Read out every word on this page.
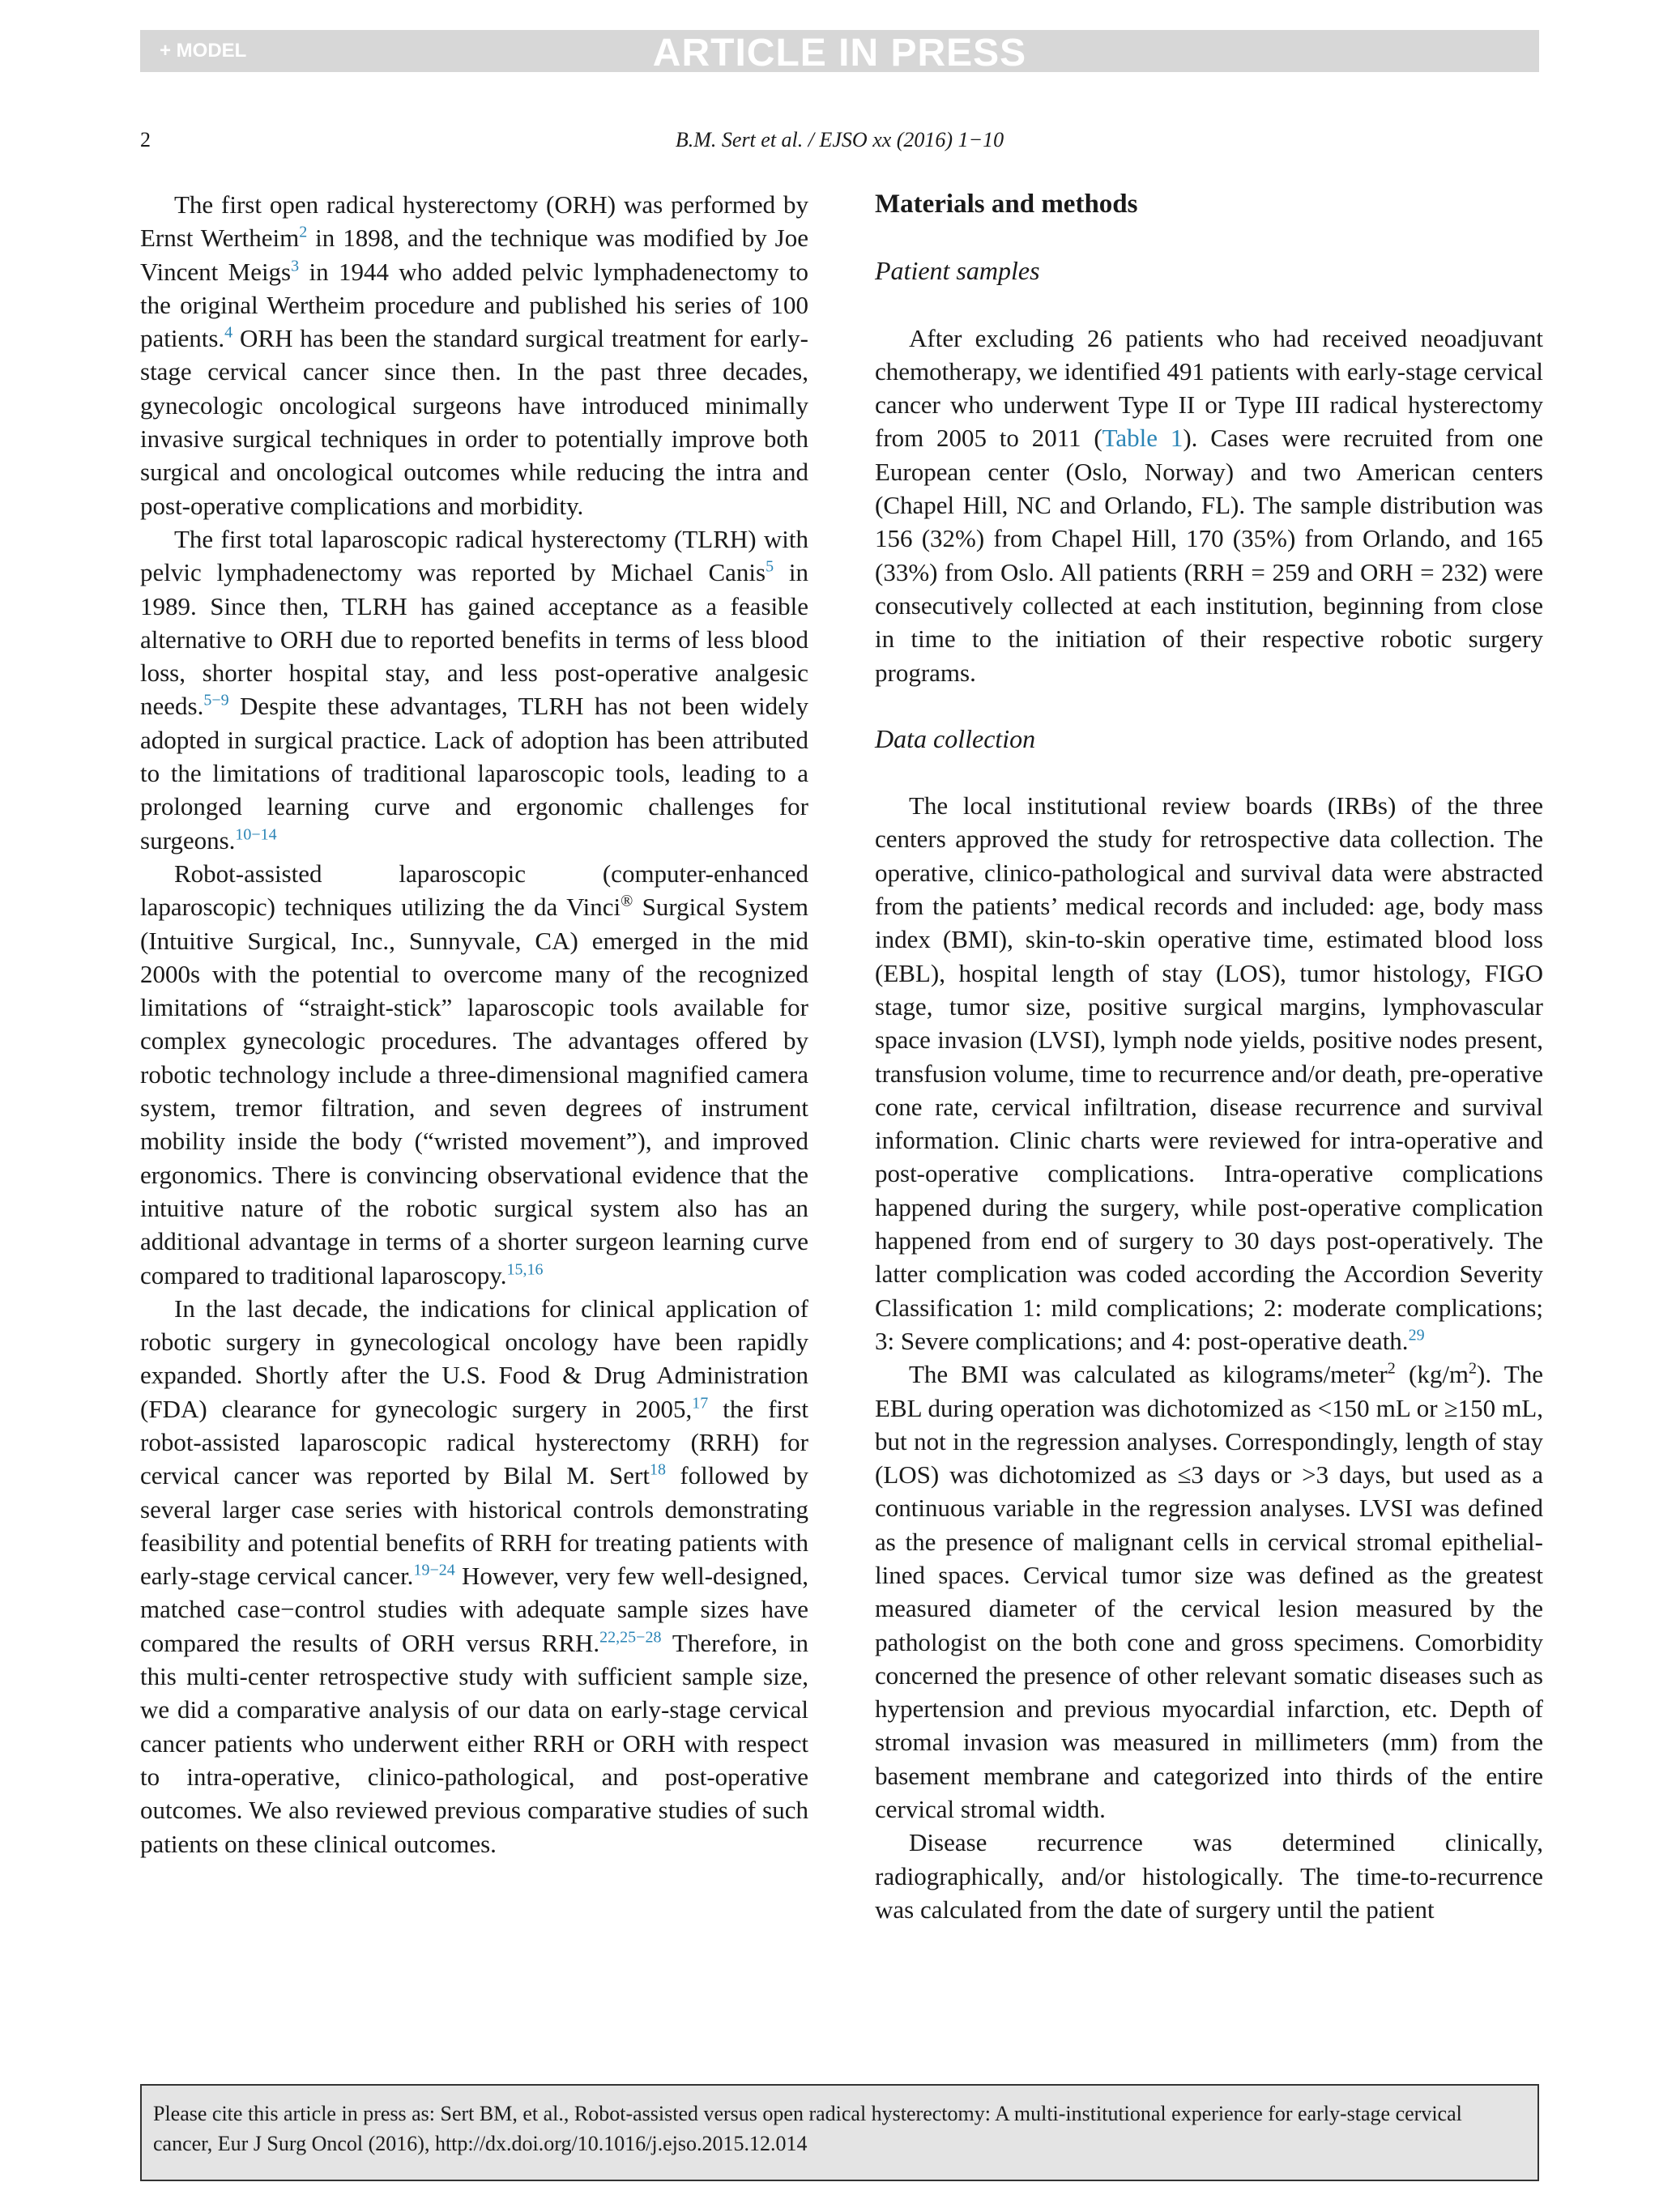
+ MODEL	ARTICLE IN PRESS
2	B.M. Sert et al. / EJSO xx (2016) 1−10

The first open radical hysterectomy (ORH) was performed by Ernst Wertheim$^2$ in 1898, and the technique was modified by Joe Vincent Meigs$^3$ in 1944 who added pelvic lymphadenectomy to the original Wertheim procedure and published his series of 100 patients.$^4$ ORH has been the standard surgical treatment for early-stage cervical cancer since then. In the past three decades, gynecologic oncological surgeons have introduced minimally invasive surgical techniques in order to potentially improve both surgical and oncological outcomes while reducing the intra and post-operative complications and morbidity.

The first total laparoscopic radical hysterectomy (TLRH) with pelvic lymphadenectomy was reported by Michael Canis$^5$ in 1989. Since then, TLRH has gained acceptance as a feasible alternative to ORH due to reported benefits in terms of less blood loss, shorter hospital stay, and less post-operative analgesic needs.$^{5-9}$ Despite these advantages, TLRH has not been widely adopted in surgical practice. Lack of adoption has been attributed to the limitations of traditional laparoscopic tools, leading to a prolonged learning curve and ergonomic challenges for surgeons.$^{10-14}$

Robot-assisted laparoscopic (computer-enhanced laparoscopic) techniques utilizing the da Vinci® Surgical System (Intuitive Surgical, Inc., Sunnyvale, CA) emerged in the mid 2000s with the potential to overcome many of the recognized limitations of “straight-stick” laparoscopic tools available for complex gynecologic procedures. The advantages offered by robotic technology include a three-dimensional magnified camera system, tremor filtration, and seven degrees of instrument mobility inside the body (“wristed movement”), and improved ergonomics. There is convincing observational evidence that the intuitive nature of the robotic surgical system also has an additional advantage in terms of a shorter surgeon learning curve compared to traditional laparoscopy.$^{15,16}$

In the last decade, the indications for clinical application of robotic surgery in gynecological oncology have been rapidly expanded. Shortly after the U.S. Food & Drug Administration (FDA) clearance for gynecologic surgery in 2005,17 the first robot-assisted laparoscopic radical hysterectomy (RRH) for cervical cancer was reported by Bilal M. Sert$^{18}$ followed by several larger case series with historical controls demonstrating feasibility and potential benefits of RRH for treating patients with early-stage cervical cancer.$^{19-24}$ However, very few well-designed, matched case−control studies with adequate sample sizes have compared the results of ORH versus RRH.$^{22,25-28}$ Therefore, in this multi-center retrospective study with sufficient sample size, we did a comparative analysis of our data on early-stage cervical cancer patients who underwent either RRH or ORH with respect to intra-operative, clinico-pathological, and post-operative outcomes. We also reviewed previous comparative studies of such patients on these clinical outcomes.

Materials and methods
Patient samples

After excluding 26 patients who had received neoadjuvant chemotherapy, we identified 491 patients with early-stage cervical cancer who underwent Type II or Type III radical hysterectomy from 2005 to 2011 (Table 1). Cases were recruited from one European center (Oslo, Norway) and two American centers (Chapel Hill, NC and Orlando, FL). The sample distribution was 156 (32%) from Chapel Hill, 170 (35%) from Orlando, and 165 (33%) from Oslo. All patients (RRH = 259 and ORH = 232) were consecutively collected at each institution, beginning from close in time to the initiation of their respective robotic surgery programs.

Data collection

The local institutional review boards (IRBs) of the three centers approved the study for retrospective data collection. The operative, clinico-pathological and survival data were abstracted from the patients’ medical records and included: age, body mass index (BMI), skin-to-skin operative time, estimated blood loss (EBL), hospital length of stay (LOS), tumor histology, FIGO stage, tumor size, positive surgical margins, lymphovascular space invasion (LVSI), lymph node yields, positive nodes present, transfusion volume, time to recurrence and/or death, pre-operative cone rate, cervical infiltration, disease recurrence and survival information. Clinic charts were reviewed for intra-operative and post-operative complications. Intra-operative complications happened during the surgery, while post-operative complication happened from end of surgery to 30 days post-operatively. The latter complication was coded according the Accordion Severity Classification 1: mild complications; 2: moderate complications; 3: Severe complications; and 4: post-operative death.$^{29}$

The BMI was calculated as kilograms/meter$^2$ $(kg/m^2)$. The EBL during operation was dichotomized as <150 mL or ≥150 mL, but not in the regression analyses. Correspondingly, length of stay (LOS) was dichotomized as ≤3 days or >3 days, but used as a continuous variable in the regression analyses. LVSI was defined as the presence of malignant cells in cervical stromal epithelial-lined spaces. Cervical tumor size was defined as the greatest measured diameter of the cervical lesion measured by the pathologist on the both cone and gross specimens. Comorbidity concerned the presence of other relevant somatic diseases such as hypertension and previous myocardial infarction, etc. Depth of stromal invasion was measured in millimeters (mm) from the basement membrane and categorized into thirds of the entire cervical stromal width.

Disease recurrence was determined clinically, radiographically, and/or histologically. The time-to-recurrence was calculated from the date of surgery until the patient

Please cite this article in press as: Sert BM, et al., Robot-assisted versus open radical hysterectomy: A multi-institutional experience for early-stage cervical cancer, Eur J Surg Oncol (2016), http://dx.doi.org/10.1016/j.ejso.2015.12.014
